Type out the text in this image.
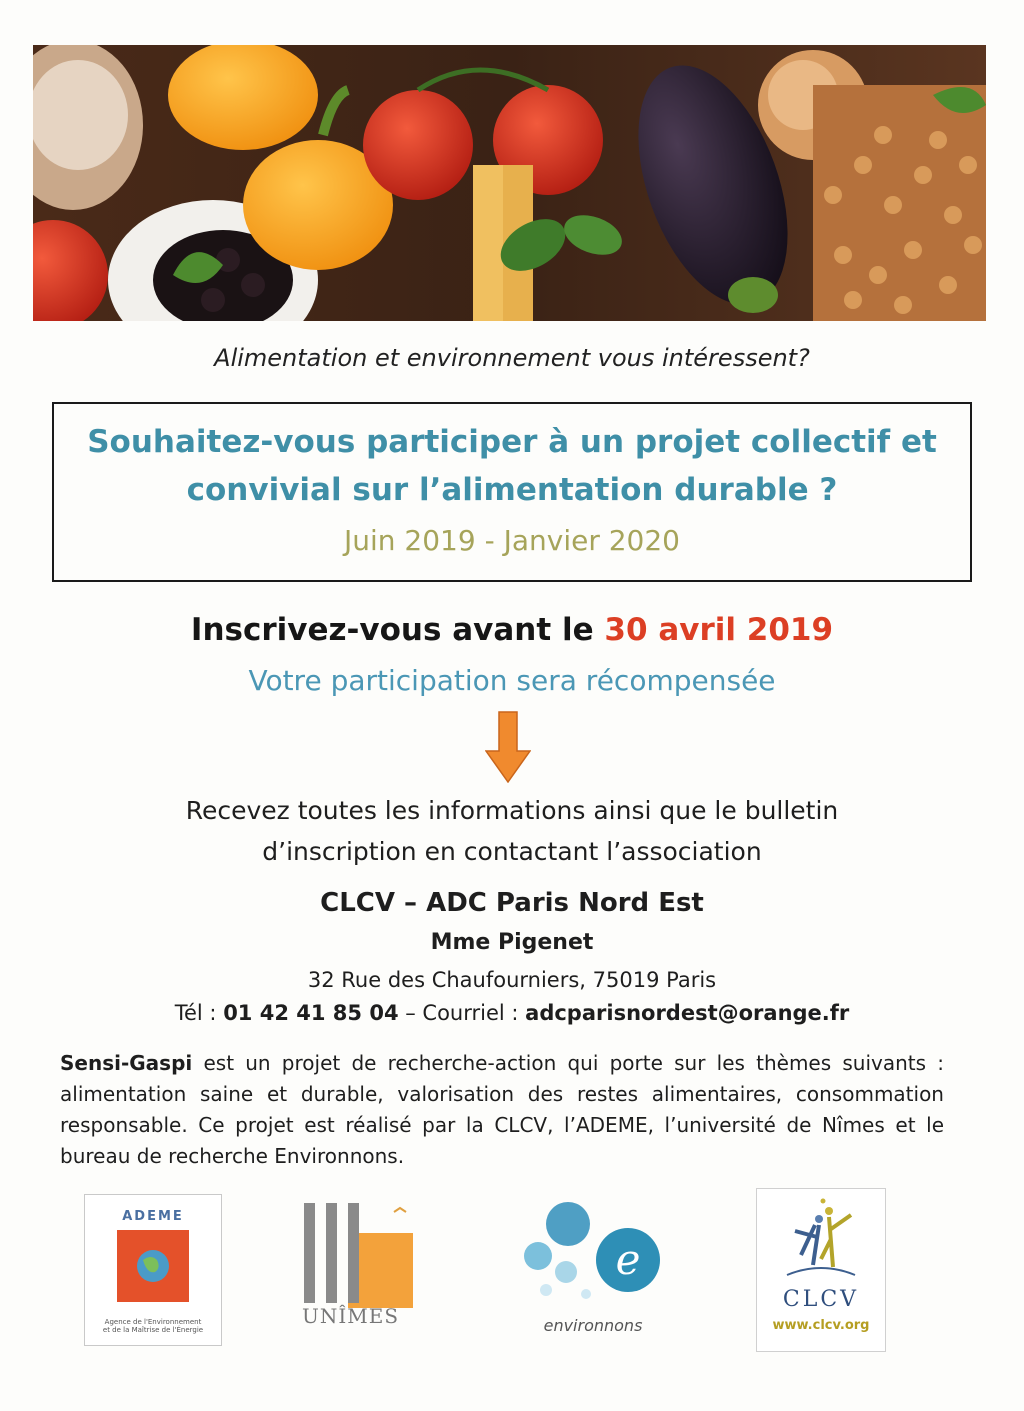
Alimentation et environnement vous intéressent?
Souhaitez-vous participer à un projet collectif et
convivial sur l’alimentation durable ?
Juin 2019 - Janvier 2020
Inscrivez-vous avant le 30 avril 2019
Votre participation sera récompensée
Recevez toutes les informations ainsi que le bulletin
d’inscription en contactant l’association
CLCV – ADC Paris Nord Est
Mme Pigenet
32 Rue des Chaufourniers, 75019 Paris
Tél : 01 42 41 85 04 – Courriel : adcparisnordest@orange.fr
Sensi-Gaspi est un projet de recherche-action qui porte sur les thèmes suivants : alimentation saine et durable, valorisation des restes alimentaires, consommation responsable. Ce projet est réalisé par la CLCV, l’ADEME, l’université de Nîmes et le bureau de recherche Environnons.
ADEME
Agence de l'Environnement
et de la Maîtrise de l'Énergie
UNÎMES
e
environnons
CLCV
www.clcv.org
